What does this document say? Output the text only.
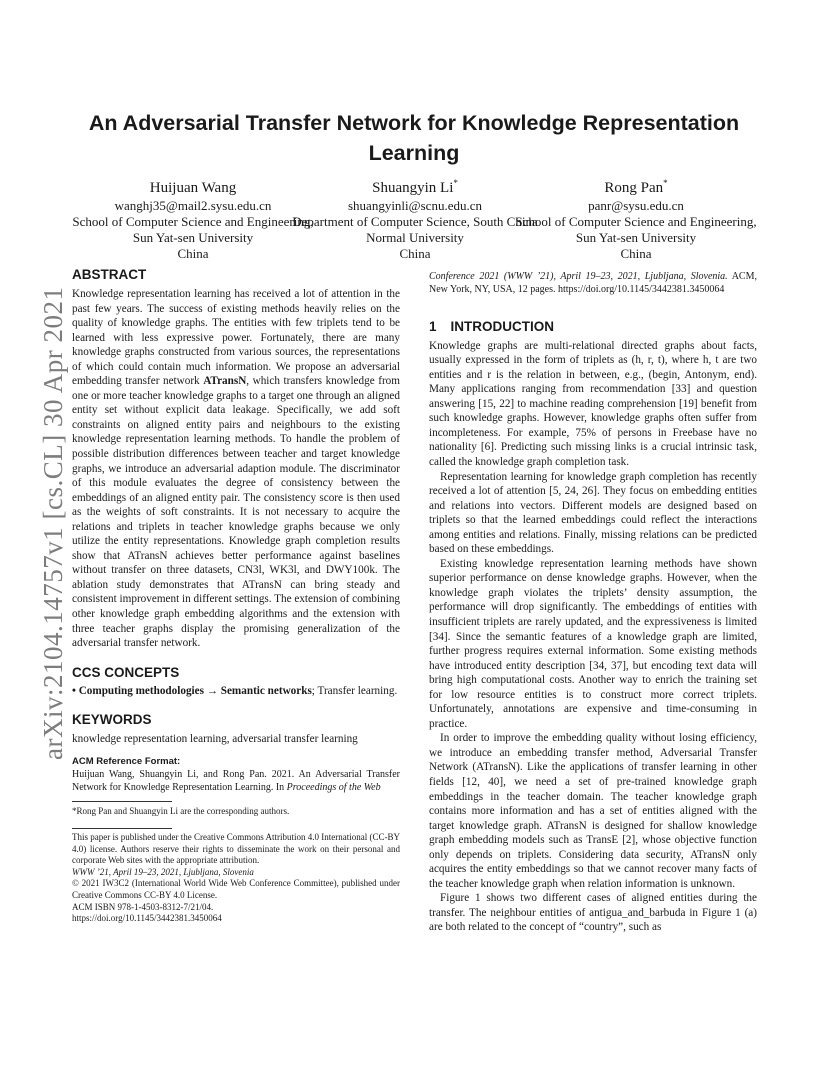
arXiv:2104.14757v1 [cs.CL] 30 Apr 2021
An Adversarial Transfer Network for Knowledge Representation Learning
Huijuan Wang
wanghj35@mail2.sysu.edu.cn
School of Computer Science and Engineering, Sun Yat-sen University
China
Shuangyin Li*
shuangyinli@scnu.edu.cn
Department of Computer Science, South China Normal University
China
Rong Pan*
panr@sysu.edu.cn
School of Computer Science and Engineering, Sun Yat-sen University
China
ABSTRACT

Knowledge representation learning has received a lot of attention in the past few years. The success of existing methods heavily relies on the quality of knowledge graphs. The entities with few triplets tend to be learned with less expressive power. Fortunately, there are many knowledge graphs constructed from various sources, the representations of which could contain much information. We propose an adversarial embedding transfer network ATransN, which transfers knowledge from one or more teacher knowledge graphs to a target one through an aligned entity set without explicit data leakage. Specifically, we add soft constraints on aligned entity pairs and neighbours to the existing knowledge representation learning methods. To handle the problem of possible distribution differences between teacher and target knowledge graphs, we introduce an adversarial adaption module. The discriminator of this module evaluates the degree of consistency between the embeddings of an aligned entity pair. The consistency score is then used as the weights of soft constraints. It is not necessary to acquire the relations and triplets in teacher knowledge graphs because we only utilize the entity representations. Knowledge graph completion results show that ATransN achieves better performance against baselines without transfer on three datasets, CN3l, WK3l, and DWY100k. The ablation study demonstrates that ATransN can bring steady and consistent improvement in different settings. The extension of combining other knowledge graph embedding algorithms and the extension with three teacher graphs display the promising generalization of the adversarial transfer network.

CCS CONCEPTS

• Computing methodologies → Semantic networks; Transfer learning.

KEYWORDS

knowledge representation learning, adversarial transfer learning

ACM Reference Format:

Huijuan Wang, Shuangyin Li, and Rong Pan. 2021. An Adversarial Transfer Network for Knowledge Representation Learning. In Proceedings of the Web

*Rong Pan and Shuangyin Li are the corresponding authors.

This paper is published under the Creative Commons Attribution 4.0 International (CC-BY 4.0) license. Authors reserve their rights to disseminate the work on their personal and corporate Web sites with the appropriate attribution.

WWW ’21, April 19–23, 2021, Ljubljana, Slovenia

© 2021 IW3C2 (International World Wide Web Conference Committee), published under Creative Commons CC-BY 4.0 License.

ACM ISBN 978-1-4503-8312-7/21/04.

https://doi.org/10.1145/3442381.3450064

Conference 2021 (WWW ’21), April 19–23, 2021, Ljubljana, Slovenia. ACM, New York, NY, USA, 12 pages. https://doi.org/10.1145/3442381.3450064

1 INTRODUCTION

Knowledge graphs are multi-relational directed graphs about facts, usually expressed in the form of triplets as (h, r, t), where h, t are two entities and r is the relation in between, e.g., (begin, Antonym, end). Many applications ranging from recommendation [33] and question answering [15, 22] to machine reading comprehension [19] benefit from such knowledge graphs. However, knowledge graphs often suffer from incompleteness. For example, 75% of persons in Freebase have no nationality [6]. Predicting such missing links is a crucial intrinsic task, called the knowledge graph completion task.

Representation learning for knowledge graph completion has recently received a lot of attention [5, 24, 26]. They focus on embedding entities and relations into vectors. Different models are designed based on triplets so that the learned embeddings could reflect the interactions among entities and relations. Finally, missing relations can be predicted based on these embeddings.

Existing knowledge representation learning methods have shown superior performance on dense knowledge graphs. However, when the knowledge graph violates the triplets’ density assumption, the performance will drop significantly. The embeddings of entities with insufficient triplets are rarely updated, and the expressiveness is limited [34]. Since the semantic features of a knowledge graph are limited, further progress requires external information. Some existing methods have introduced entity description [34, 37], but encoding text data will bring high computational costs. Another way to enrich the training set for low resource entities is to construct more correct triplets. Unfortunately, annotations are expensive and time-consuming in practice.

In order to improve the embedding quality without losing efficiency, we introduce an embedding transfer method, Adversarial Transfer Network (ATransN). Like the applications of transfer learning in other fields [12, 40], we need a set of pre-trained knowledge graph embeddings in the teacher domain. The teacher knowledge graph contains more information and has a set of entities aligned with the target knowledge graph. ATransN is designed for shallow knowledge graph embedding models such as TransE [2], whose objective function only depends on triplets. Considering data security, ATransN only acquires the entity embeddings so that we cannot recover many facts of the teacher knowledge graph when relation information is unknown.

Figure 1 shows two different cases of aligned entities during the transfer. The neighbour entities of antigua_and_barbuda in Figure 1 (a) are both related to the concept of “country”, such as
